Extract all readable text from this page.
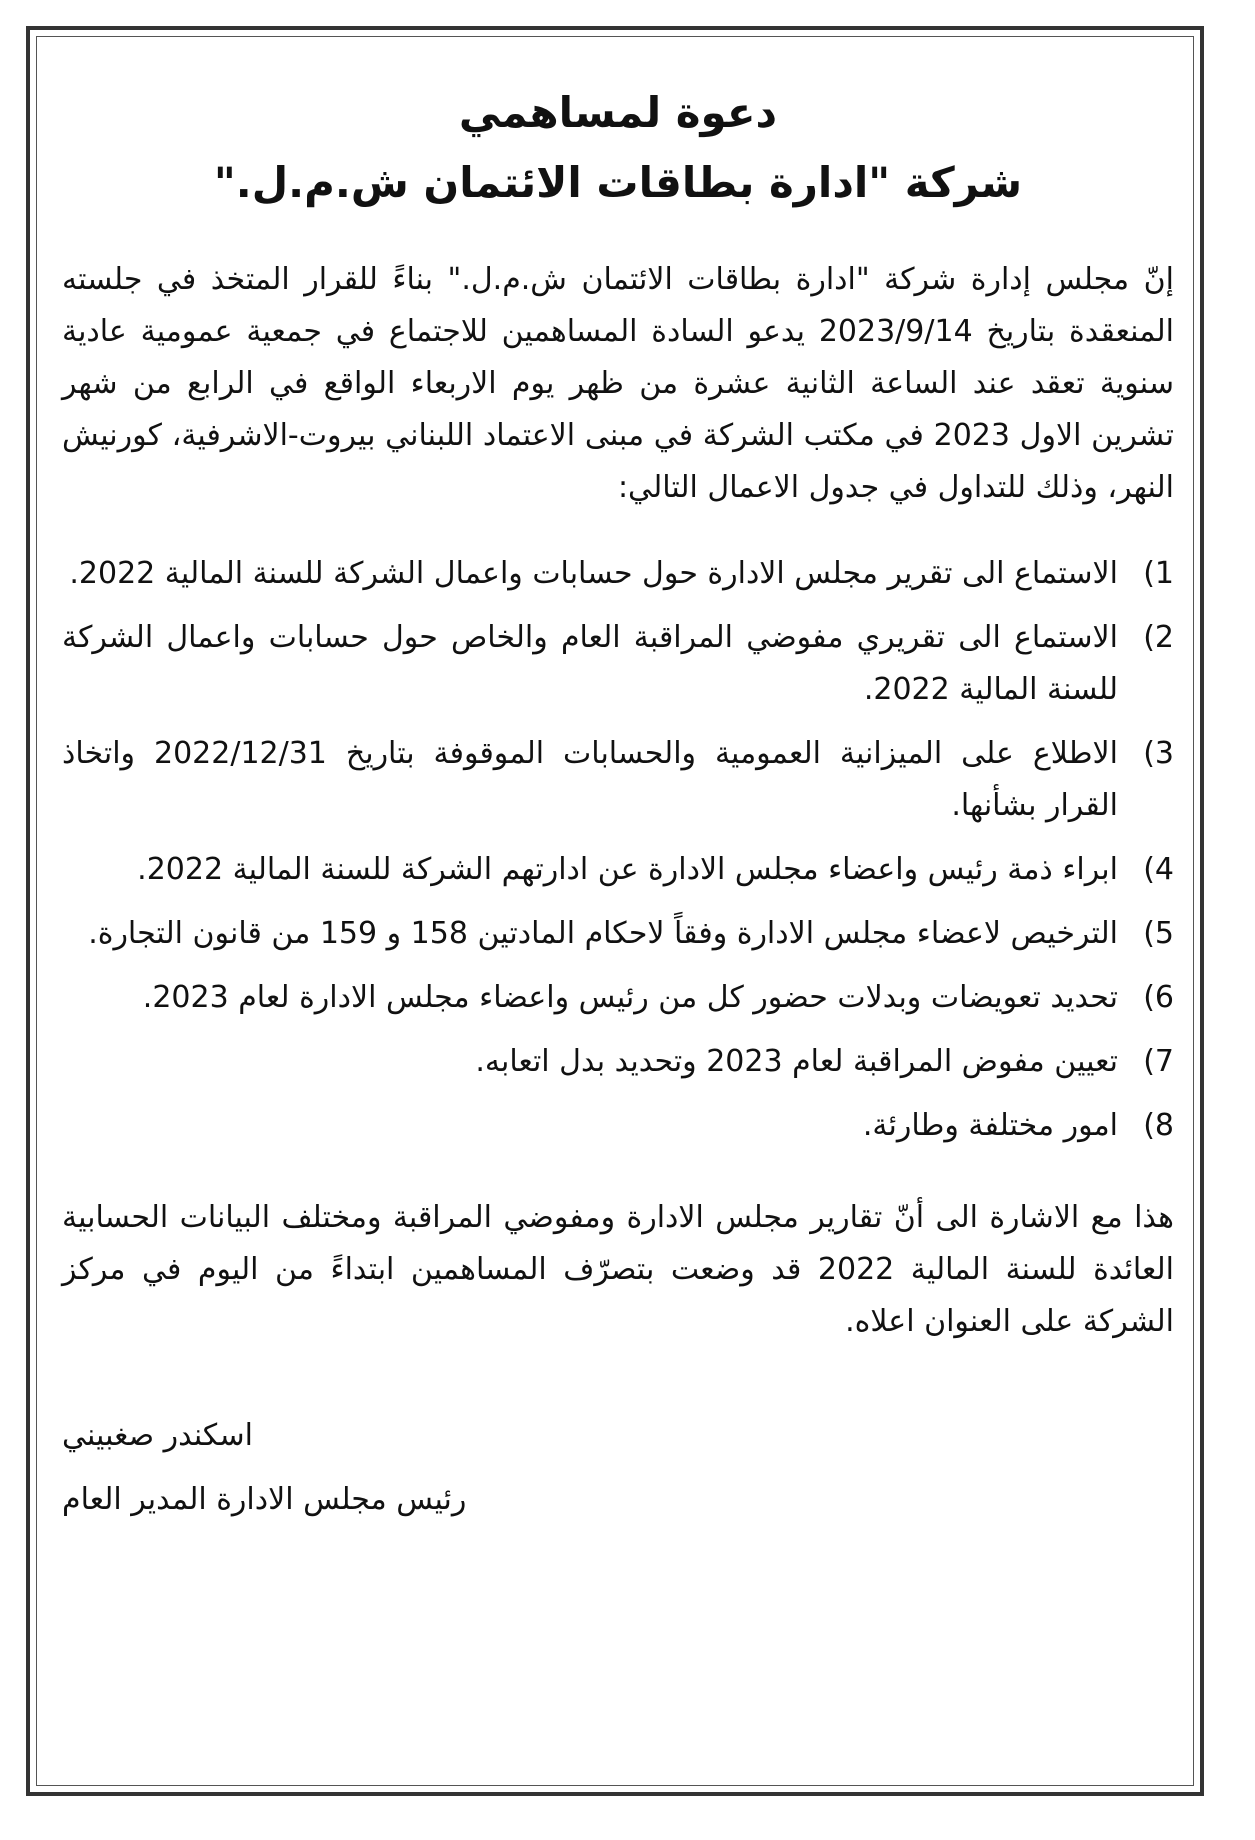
دعوة لمساهمي
شركة "ادارة بطاقات الائتمان ش.م.ل."

إنّ مجلس إدارة شركة "ادارة بطاقات الائتمان ش.م.ل." بناءً للقرار المتخذ في جلسته المنعقدة بتاريخ 2023/9/14 يدعو السادة المساهمين للاجتماع في جمعية عمومية عادية سنوية تعقد عند الساعة الثانية عشرة من ظهر يوم الاربعاء الواقع في الرابع من شهر تشرين الاول 2023 في مكتب الشركة في مبنى الاعتماد اللبناني بيروت-الاشرفية، كورنيش النهر، وذلك للتداول في جدول الاعمال التالي:

1)
الاستماع الى تقرير مجلس الادارة حول حسابات واعمال الشركة للسنة المالية 2022.
2)
الاستماع الى تقريري مفوضي المراقبة العام والخاص حول حسابات واعمال الشركة للسنة المالية 2022.
3)
الاطلاع على الميزانية العمومية والحسابات الموقوفة بتاريخ 2022/12/31 واتخاذ القرار بشأنها.
4)
ابراء ذمة رئيس واعضاء مجلس الادارة عن ادارتهم الشركة للسنة المالية 2022.
5)
الترخيص لاعضاء مجلس الادارة وفقاً لاحكام المادتين 158 و 159 من قانون التجارة.
6)
تحديد تعويضات وبدلات حضور كل من رئيس واعضاء مجلس الادارة لعام 2023.
7)
تعيين مفوض المراقبة لعام 2023 وتحديد بدل اتعابه.
8)
امور مختلفة وطارئة.

هذا مع الاشارة الى أنّ تقارير مجلس الادارة ومفوضي المراقبة ومختلف البيانات الحسابية العائدة للسنة المالية 2022 قد وضعت بتصرّف المساهمين ابتداءً من اليوم في مركز الشركة على العنوان اعلاه.

اسكندر صغبيني
رئيس مجلس الادارة المدير العام
